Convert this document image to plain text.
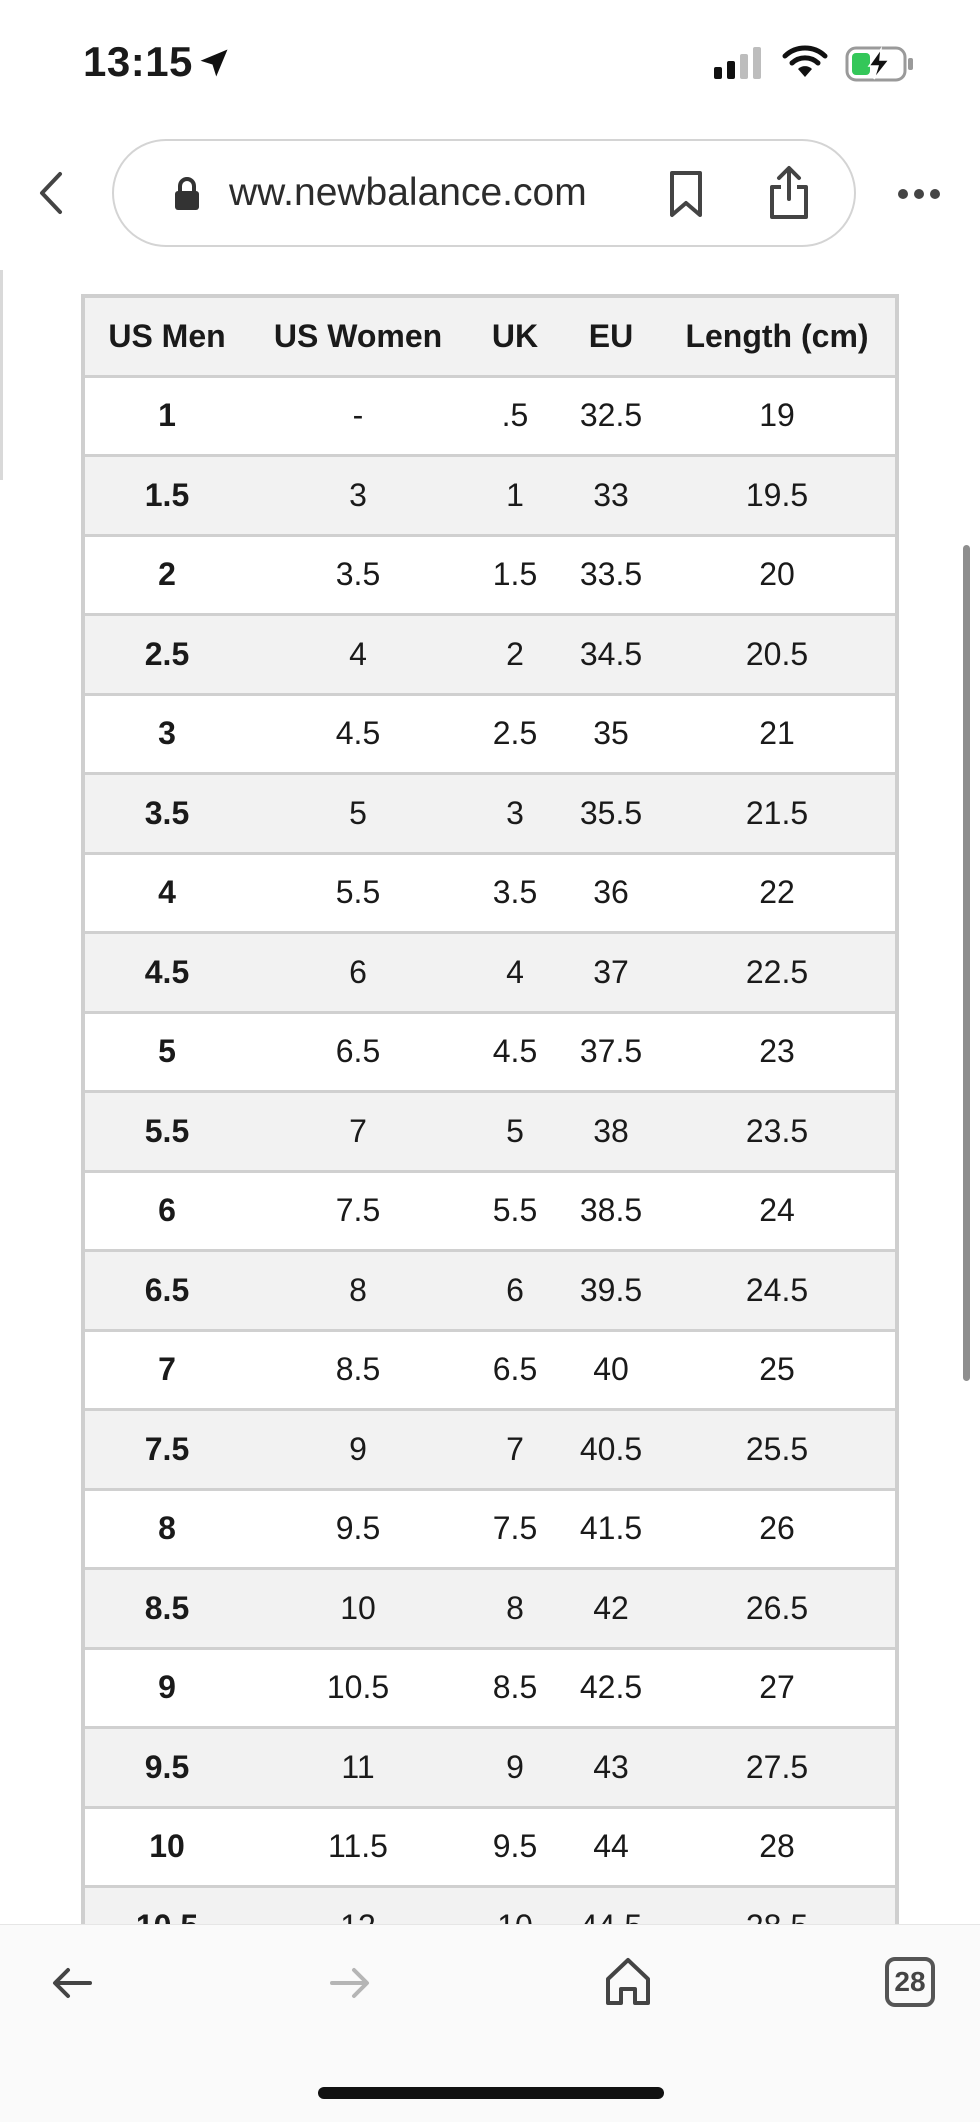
13:15
ww.newbalance.com
US Men	US Women	UK	EU	Length (cm)
1	-	.5	32.5	19
1.5	3	1	33	19.5
2	3.5	1.5	33.5	20
2.5	4	2	34.5	20.5
3	4.5	2.5	35	21
3.5	5	3	35.5	21.5
4	5.5	3.5	36	22
4.5	6	4	37	22.5
5	6.5	4.5	37.5	23
5.5	7	5	38	23.5
6	7.5	5.5	38.5	24
6.5	8	6	39.5	24.5
7	8.5	6.5	40	25
7.5	9	7	40.5	25.5
8	9.5	7.5	41.5	26
8.5	10	8	42	26.5
9	10.5	8.5	42.5	27
9.5	11	9	43	27.5
10	11.5	9.5	44	28

28
